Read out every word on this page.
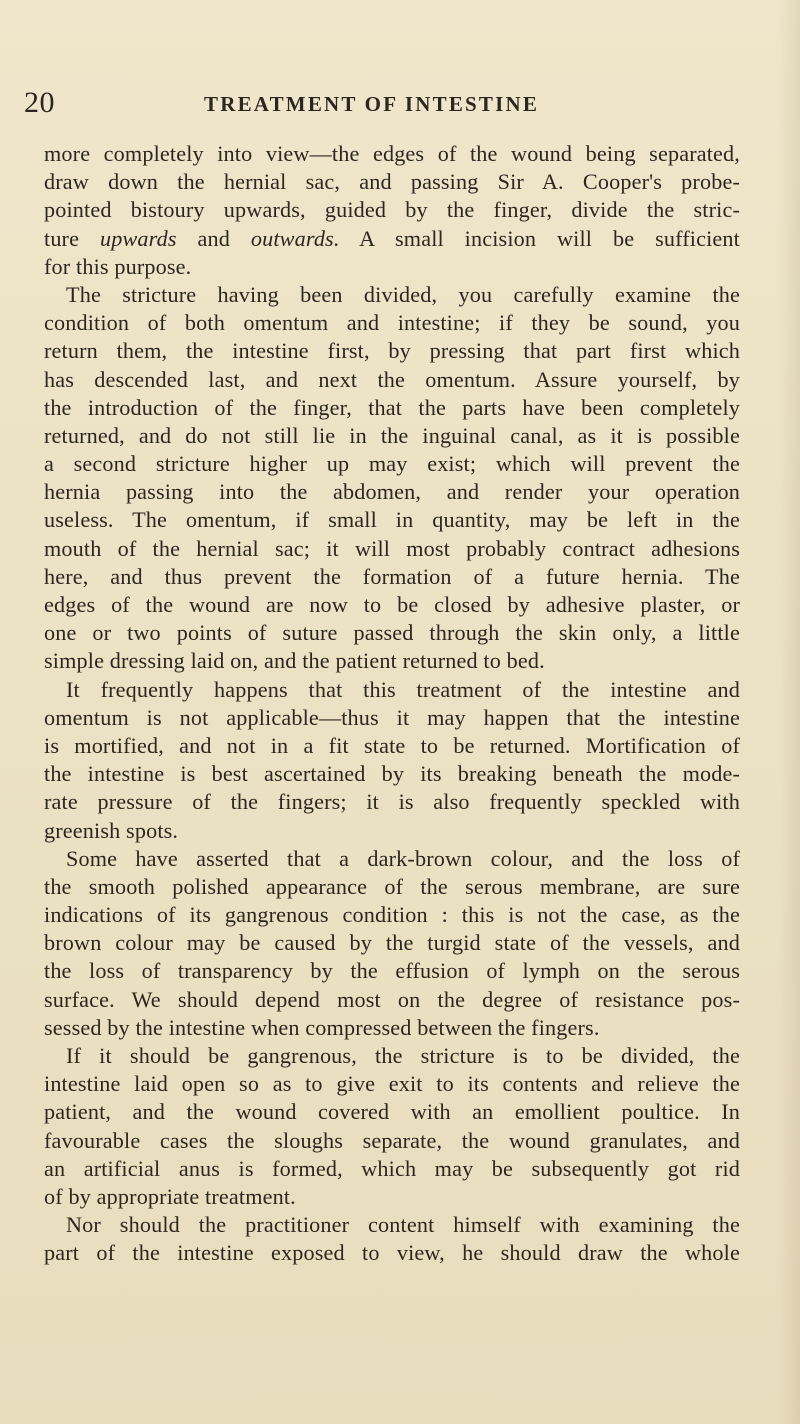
20	TREATMENT OF INTESTINE
more completely into view—the edges of the wound being separated,
draw down the hernial sac, and passing Sir A. Cooper's probe-
pointed bistoury upwards, guided by the finger, divide the stric-
ture upwards and outwards. A small incision will be sufficient
for this purpose.
The stricture having been divided, you carefully examine the
condition of both omentum and intestine; if they be sound, you
return them, the intestine first, by pressing that part first which
has descended last, and next the omentum. Assure yourself, by
the introduction of the finger, that the parts have been completely
returned, and do not still lie in the inguinal canal, as it is possible
a second stricture higher up may exist; which will prevent the
hernia passing into the abdomen, and render your operation
useless. The omentum, if small in quantity, may be left in the
mouth of the hernial sac; it will most probably contract adhesions
here, and thus prevent the formation of a future hernia. The
edges of the wound are now to be closed by adhesive plaster, or
one or two points of suture passed through the skin only, a little
simple dressing laid on, and the patient returned to bed.
It frequently happens that this treatment of the intestine and
omentum is not applicable—thus it may happen that the intestine
is mortified, and not in a fit state to be returned. Mortification of
the intestine is best ascertained by its breaking beneath the mode-
rate pressure of the fingers; it is also frequently speckled with
greenish spots.
Some have asserted that a dark-brown colour, and the loss of
the smooth polished appearance of the serous membrane, are sure
indications of its gangrenous condition : this is not the case, as the
brown colour may be caused by the turgid state of the vessels, and
the loss of transparency by the effusion of lymph on the serous
surface. We should depend most on the degree of resistance pos-
sessed by the intestine when compressed between the fingers.
If it should be gangrenous, the stricture is to be divided, the
intestine laid open so as to give exit to its contents and relieve the
patient, and the wound covered with an emollient poultice. In
favourable cases the sloughs separate, the wound granulates, and
an artificial anus is formed, which may be subsequently got rid
of by appropriate treatment.
Nor should the practitioner content himself with examining the
part of the intestine exposed to view, he should draw the whole
